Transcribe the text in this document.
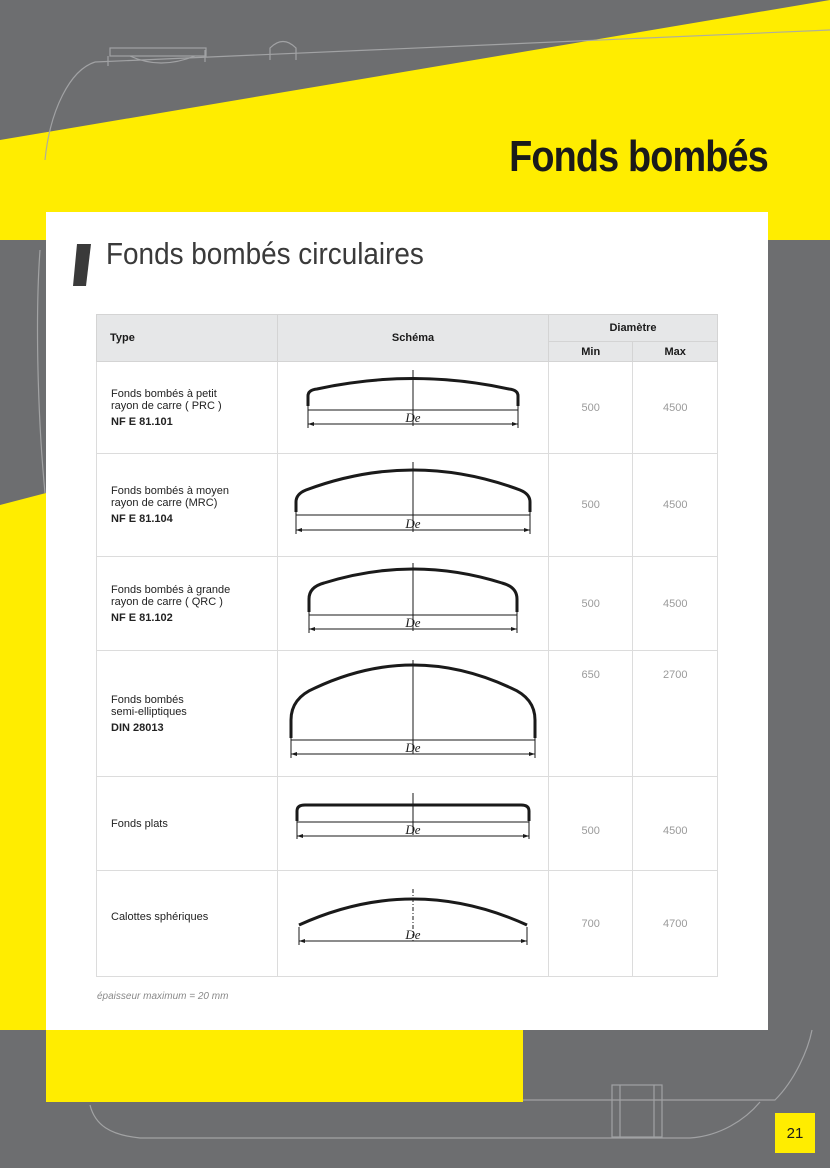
Fonds bombés
Fonds bombés circulaires
Type	Schéma	Diamètre	
		Min	Max
Fonds bombés à petit
rayon de carre ( PRC )
NF E 81.101	De	500	4500
Fonds bombés à moyen
rayon de carre (MRC)
NF E 81.104	De	500	4500
Fonds bombés à grande
rayon de carre ( QRC )
NF E 81.102	De	500	4500
Fonds bombés
semi-elliptiques
DIN 28013	De	650	2700
Fonds plats	De	500	4500
Calottes sphériques	De	700	4700
épaisseur maximum = 20 mm
21
